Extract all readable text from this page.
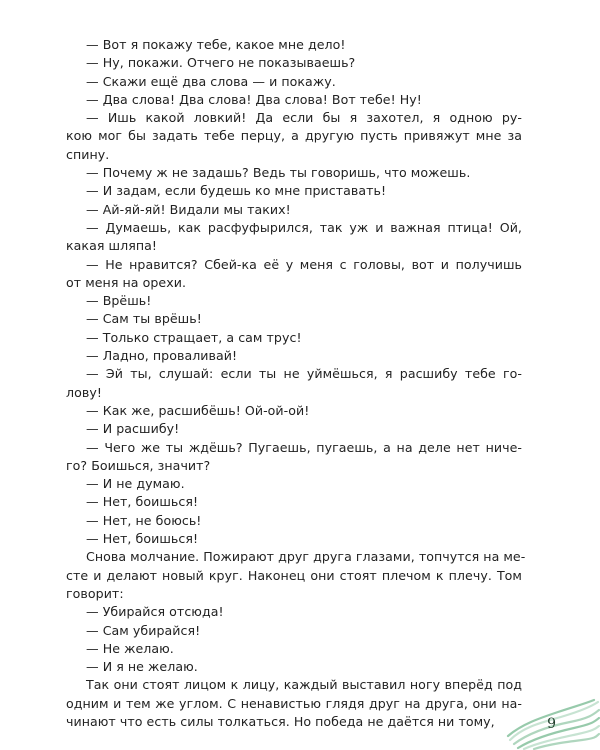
— Вот я покажу тебе, какое мне дело!
— Ну, покажи. Отчего не показываешь?
— Скажи ещё два слова — и покажу.
— Два слова! Два слова! Два слова! Вот тебе! Ну!
— Ишь какой ловкий! Да если бы я захотел, я одною ру-
кою мог бы задать тебе перцу, а другую пусть привяжут мне за
спину.
— Почему ж не задашь? Ведь ты говоришь, что можешь.
— И задам, если будешь ко мне приставать!
— Ай-яй-яй! Видали мы таких!
— Думаешь, как расфуфырился, так уж и важная птица! Ой,
какая шляпа!
— Не нравится? Сбей-ка её у меня с головы, вот и получишь
от меня на орехи.
— Врёшь!
— Сам ты врёшь!
— Только стращает, а сам трус!
— Ладно, проваливай!
— Эй ты, слушай: если ты не уймёшься, я расшибу тебе го-
лову!
— Как же, расшибёшь! Ой-ой-ой!
— И расшибу!
— Чего же ты ждёшь? Пугаешь, пугаешь, а на деле нет ниче-
го? Боишься, значит?
— И не думаю.
— Нет, боишься!
— Нет, не боюсь!
— Нет, боишься!
Снова молчание. Пожирают друг друга глазами, топчутся на ме-
сте и делают новый круг. Наконец они стоят плечом к плечу. Том
говорит:
— Убирайся отсюда!
— Сам убирайся!
— Не желаю.
— И я не желаю.
Так они стоят лицом к лицу, каждый выставил ногу вперёд под
одним и тем же углом. С ненавистью глядя друг на друга, они на-
чинают что есть силы толкаться. Но победа не даётся ни тому,	9
